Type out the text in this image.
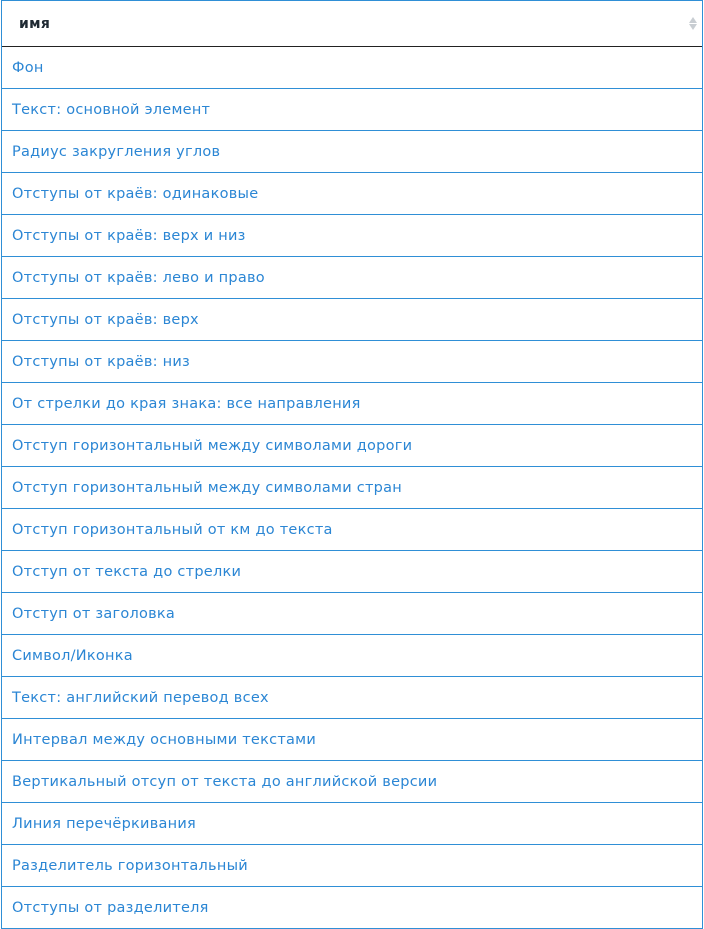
имя
Фон
Текст: основной элемент
Радиус закругления углов
Отступы от краёв: одинаковые
Отступы от краёв: верх и низ
Отступы от краёв: лево и право
Отступы от краёв: верх
Отступы от краёв: низ
От стрелки до края знака: все направления
Отступ горизонтальный между символами дороги
Отступ горизонтальный между символами стран
Отступ горизонтальный от км до текста
Отступ от текста до стрелки
Отступ от заголовка
Символ/Иконка
Текст: английский перевод всех
Интервал между основными текстами
Вертикальный отсуп от текста до английской версии
Линия перечёркивания
Разделитель горизонтальный
Отступы от разделителя
